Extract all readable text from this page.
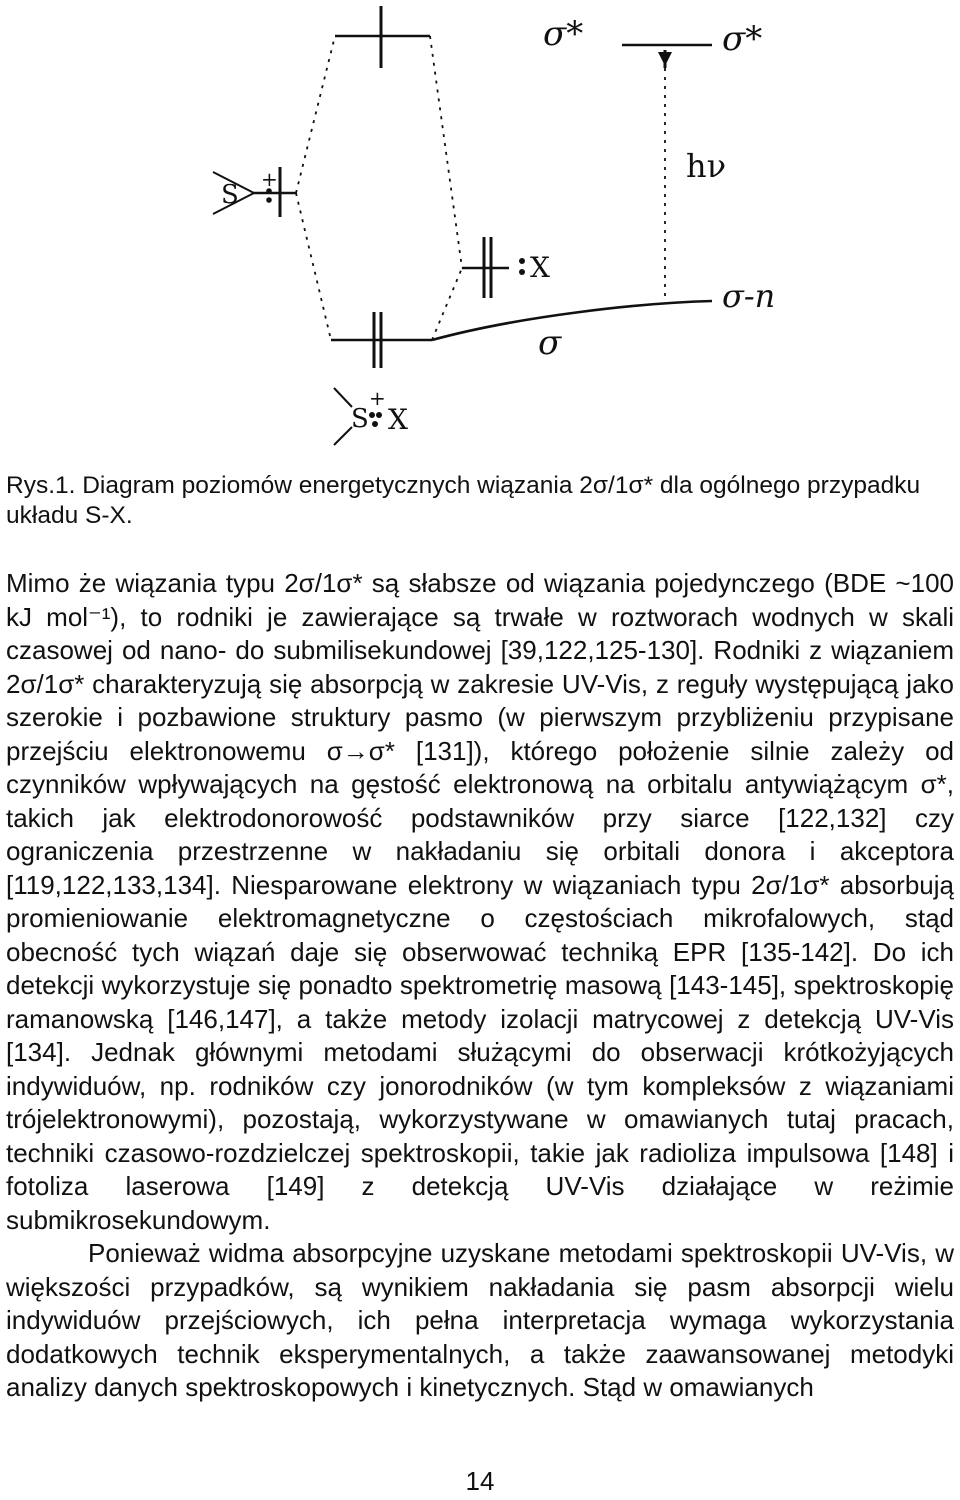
σ*	σ*
hν
σ
σ-n
S
+
X
S
+
X
Rys.1. Diagram poziomów energetycznych wiązania 2σ/1σ* dla ogólnego przypadku układu S-X.

Mimo że wiązania typu 2σ/1σ* są słabsze od wiązania pojedynczego (BDE ~100 kJ mol⁻¹), to rodniki je zawierające są trwałe w roztworach wodnych w skali czasowej od nano- do submilisekundowej [39,122,125-130]. Rodniki z wiązaniem 2σ/1σ* charakteryzują się absorpcją w zakresie UV-Vis, z reguły występującą jako szerokie i pozbawione struktury pasmo (w pierwszym przybliżeniu przypisane przejściu elektronowemu σ→σ* [131]), którego położenie silnie zależy od czynników wpływających na gęstość elektronową na orbitalu antywiążącym σ*, takich jak elektrodonorowość podstawników przy siarce [122,132] czy ograniczenia przestrzenne w nakładaniu się orbitali donora i akceptora [119,122,133,134]. Niesparowane elektrony w wiązaniach typu 2σ/1σ* absorbują promieniowanie elektromagnetyczne o częstościach mikrofalowych, stąd obecność tych wiązań daje się obserwować techniką EPR [135-142]. Do ich detekcji wykorzystuje się ponadto spektrometrię masową [143-145], spektroskopię ramanowską [146,147], a także metody izolacji matrycowej z detekcją UV-Vis [134]. Jednak głównymi metodami służącymi do obserwacji krótkożyjących indywiduów, np. rodników czy jonorodników (w tym kompleksów z wiązaniami trójelektronowymi), pozostają, wykorzystywane w omawianych tutaj pracach, techniki czasowo-rozdzielczej spektroskopii, takie jak radioliza impulsowa [148] i fotoliza laserowa [149] z detekcją UV-Vis działające w reżimie submikrosekundowym.

Ponieważ widma absorpcyjne uzyskane metodami spektroskopii UV-Vis, w większości przypadków, są wynikiem nakładania się pasm absorpcji wielu indywiduów przejściowych, ich pełna interpretacja wymaga wykorzystania dodatkowych technik eksperymentalnych, a także zaawansowanej metodyki analizy danych spektroskopowych i kinetycznych. Stąd w omawianych

14
